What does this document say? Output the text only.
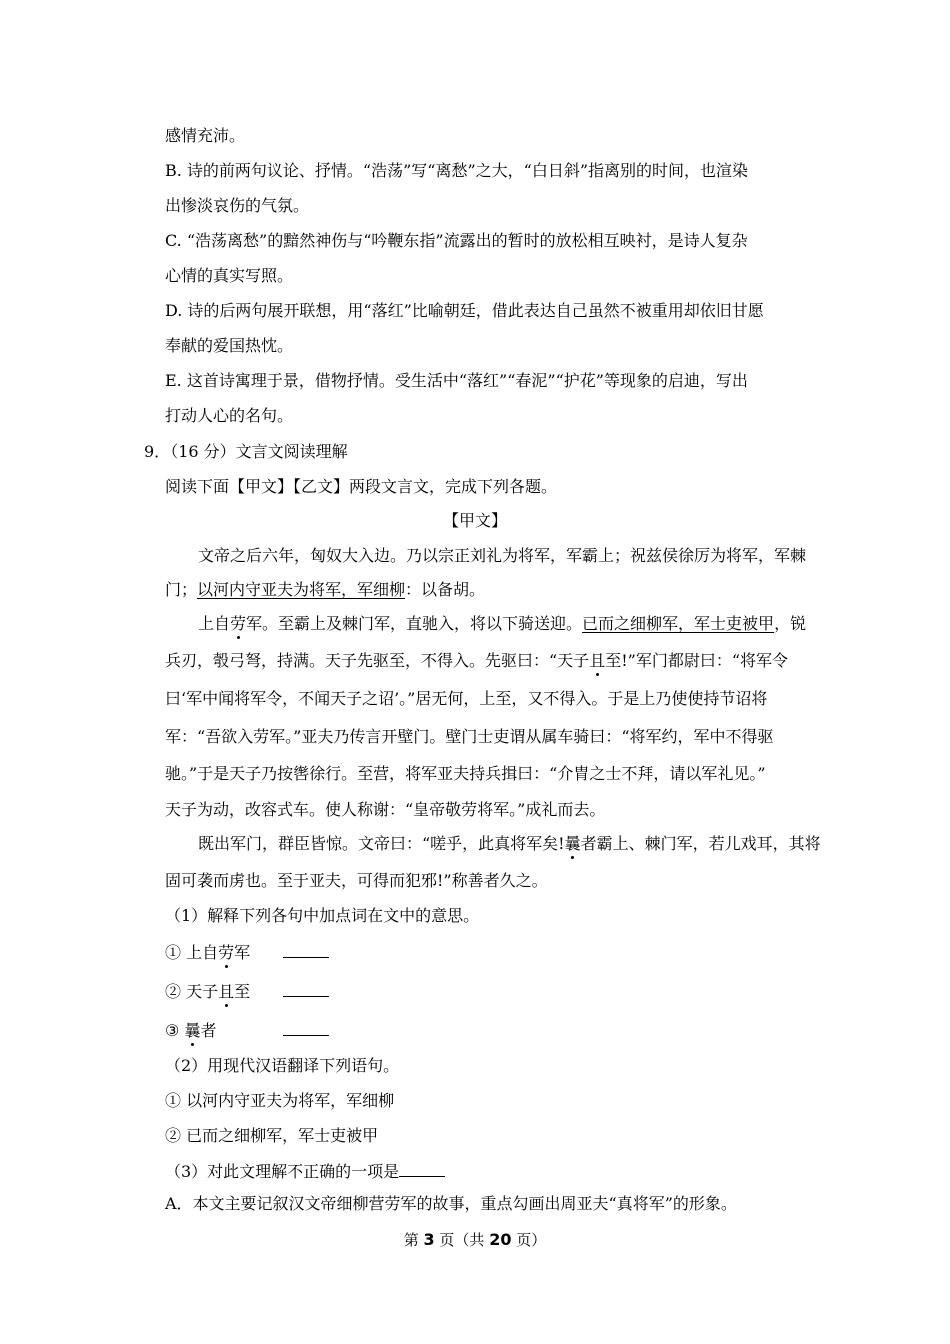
感情充沛。
B. 诗的前两句议论、抒情。“浩荡”写“离愁”之大，“白日斜”指离别的时间，也渲染
出惨淡哀伤的气氛。
C. “浩荡离愁”的黯然神伤与“吟鞭东指”流露出的暂时的放松相互映衬，是诗人复杂
心情的真实写照。
D. 诗的后两句展开联想，用“落红”比喻朝廷，借此表达自己虽然不被重用却依旧甘愿
奉献的爱国热忱。
E. 这首诗寓理于景，借物抒情。受生活中“落红”“春泥”“护花”等现象的启迪，写出
打动人心的名句。
9．（16 分）文言文阅读理解
阅读下面【甲文】【乙文】两段文言文，完成下列各题。
【甲文】
文帝之后六年，匈奴大入边。乃以宗正刘礼为将军，军霸上；祝兹侯徐厉为将军，军棘
门；以河内守亚夫为将军，军细柳：以备胡。
上自劳军。至霸上及棘门军，直驰入，将以下骑送迎。已而之细柳军，军士吏被甲，锐
兵刃，彀弓弩，持满。天子先驱至，不得入。先驱曰：“天子且至!”军门都尉曰：“将军令
曰‘军中闻将军令，不闻天子之诏’。”居无何，上至，又不得入。于是上乃使使持节诏将
军：“吾欲入劳军。”亚夫乃传言开壁门。壁门士吏谓从属车骑曰：“将军约，军中不得驱
驰。”于是天子乃按辔徐行。至营，将军亚夫持兵揖曰：“介胄之士不拜，请以军礼见。”
天子为动，改容式车。使人称谢：“皇帝敬劳将军。”成礼而去。
既出军门，群臣皆惊。文帝曰：“嗟乎，此真将军矣!曩者霸上、棘门军，若儿戏耳，其将
固可袭而虏也。至于亚夫，可得而犯邪!”称善者久之。
（1）解释下列各句中加点词在文中的意思。
① 上自劳军
② 天子且至
③ 曩者
（2）用现代汉语翻译下列语句。
① 以河内守亚夫为将军，军细柳
② 已而之细柳军，军士吏被甲
（3）对此文理解不正确的一项是
A．本文主要记叙汉文帝细柳营劳军的故事，重点勾画出周亚夫“真将军”的形象。
第 3 页（共 20 页）
